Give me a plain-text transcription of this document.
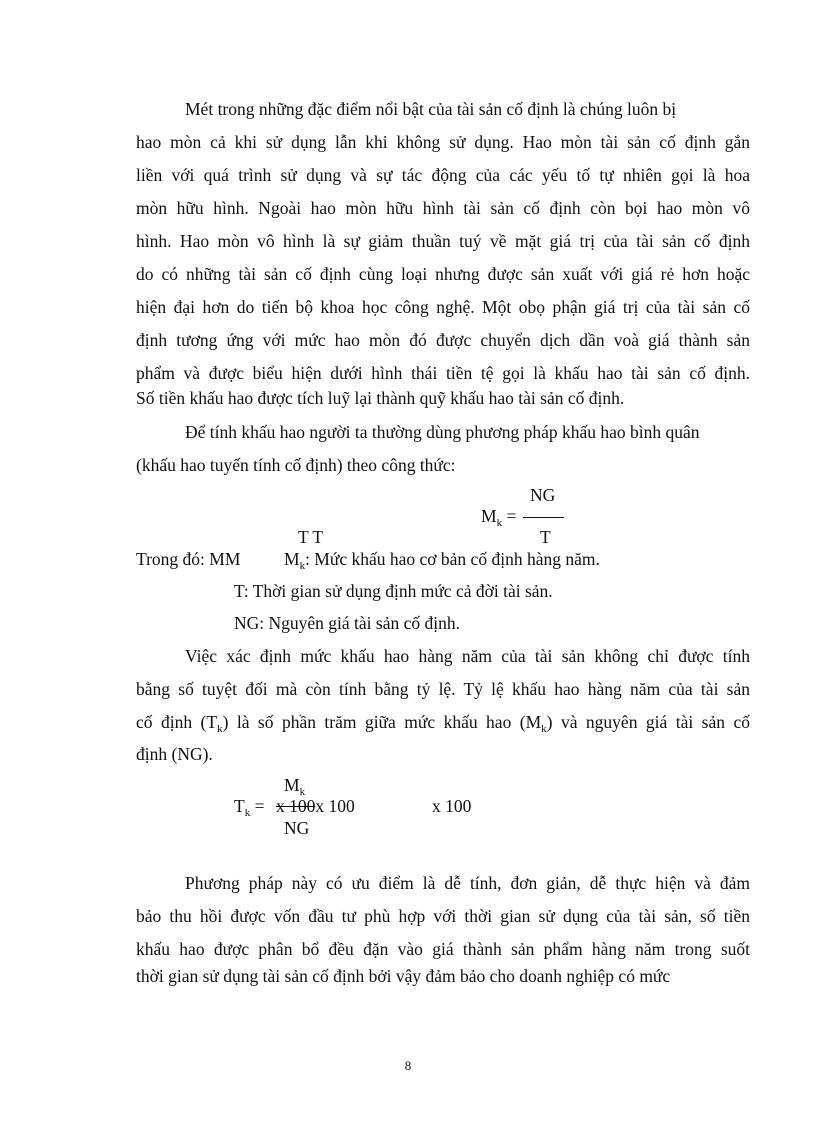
Mét trong những đặc điểm nổi bật của tài sản cố định là chúng luôn bị
hao mòn cả khi sử dụng lẫn khi không sử dụng. Hao mòn tài sản cố định gắn
liền với quá trình sử dụng và sự tác động của các yếu tố tự nhiên gọi là hoa
mòn hữu hình. Ngoài hao mòn hữu hình tài sản cố định còn bọi hao mòn vô
hình. Hao mòn vô hình là sự giảm thuần tuý về mặt giá trị của tài sản cố định
do có những tài sản cố định cùng loại nhưng được sản xuất với giá rẻ hơn hoặc
hiện đại hơn do tiến bộ khoa học công nghệ. Một obọ phận giá trị của tài sản cố
định tương ứng với mức hao mòn đó được chuyển dịch dần voà giá thành sản
phẩm và được biểu hiện dưới hình thái tiền tệ gọi là khấu hao tài sản cố định.
Số tiền khấu hao được tích luỹ lại thành quỹ khấu hao tài sản cố định.
Để tính khấu hao người ta thường dùng phương pháp khấu hao bình quân
(khấu hao tuyến tính cố định) theo công thức:
NG
$M_k$ =
T T	T
Trong đó: MM $M_k$: Mức khấu hao cơ bản cố định hàng năm.
T: Thời gian sử dụng định mức cả đời tài sản.
NG: Nguyên giá tài sản cố định.
Việc xác định mức khấu hao hàng năm của tài sản không chỉ được tính
bằng số tuyệt đối mà còn tính bằng tỷ lệ. Tỷ lệ khấu hao hàng năm của tài sản
cố định $(T_k)$ là số phần trăm giữa mức khấu hao $(M_k)$ và nguyên giá tài sản cố
định (NG).
$M_k$
$T_k = x$ 100x 100	x 100
NG
Phương pháp này có ưu điểm là dễ tính, đơn giản, dễ thực hiện và đảm
bảo thu hồi được vốn đầu tư phù hợp với thời gian sử dụng của tài sản, số tiền
khấu hao được phân bổ đều đặn vào giá thành sản phẩm hàng năm trong suốt
thời gian sử dụng tài sản cố định bởi vậy đảm bảo cho doanh nghiệp có mức
8
